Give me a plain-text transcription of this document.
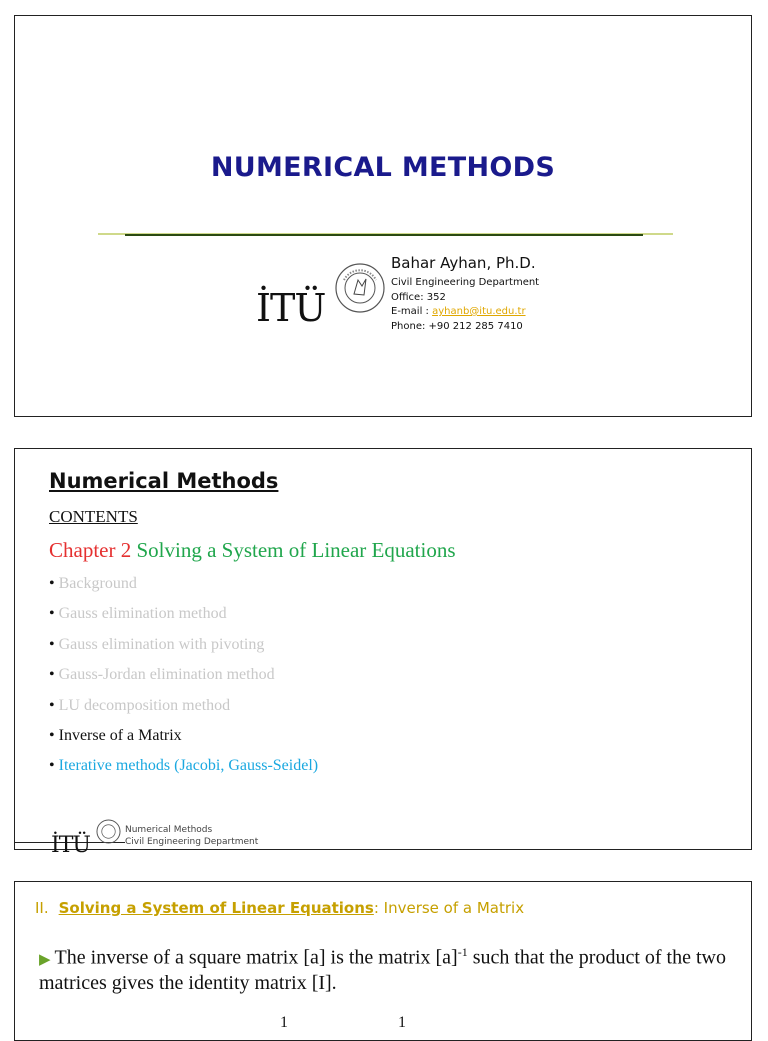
NUMERICAL METHODS
İTÜ
Bahar Ayhan, Ph.D.
Civil Engineering Department
Office: 352
E-mail : ayhanb@itu.edu.tr
Phone: +90 212 285 7410
Numerical Methods
CONTENTS
Chapter 2 Solving a System of Linear Equations
• Background
• Gauss elimination method
• Gauss elimination with pivoting
• Gauss-Jordan elimination method
• LU decomposition method
• Inverse of a Matrix
• Iterative methods (Jacobi, Gauss-Seidel)
İTÜ
Numerical Methods
Civil Engineering Department
II. Solving a System of Linear Equations: Inverse of a Matrix
▶ The inverse of a square matrix [a] is the matrix $[a]^{-1}$ such that the product of the two matrices gives the identity matrix [I].
1	1
